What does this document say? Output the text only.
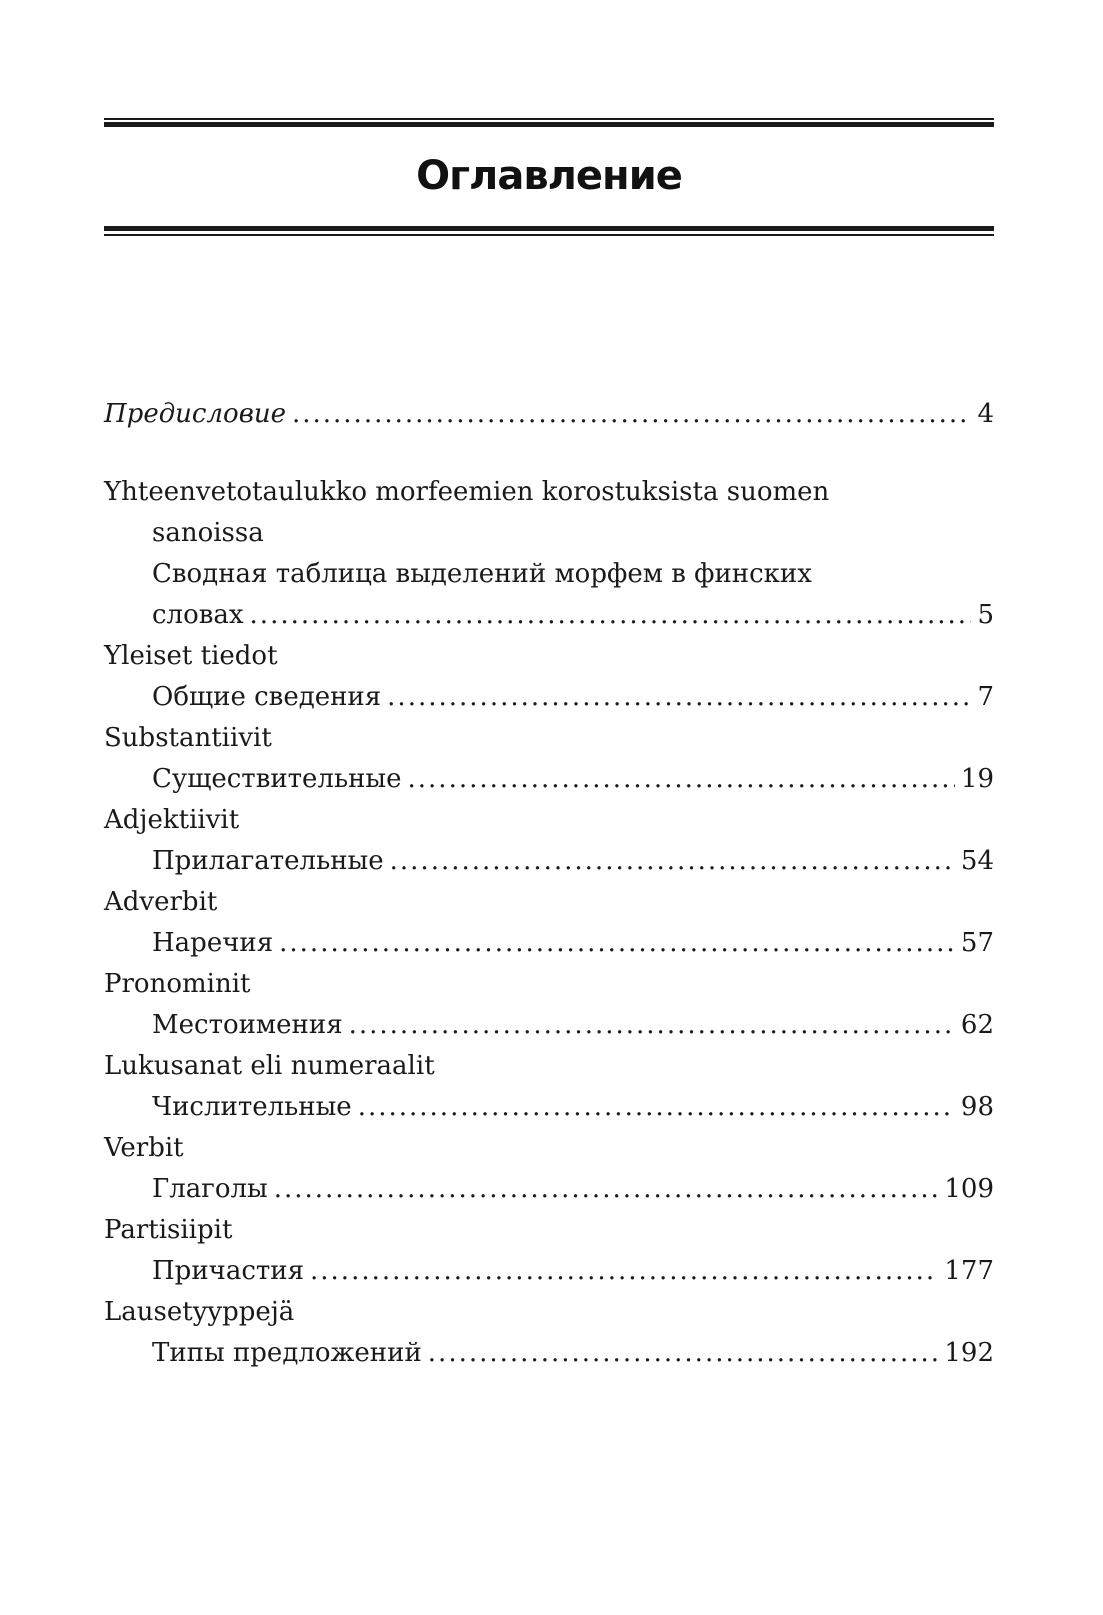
Оглавление
Предисловие .....	4
Yhteenvetotaulukko morfeemien korostuksista suomen
sanoissa
Сводная таблица выделений морфем в финских
словах .....	5
Yleiset tiedot
Общие сведения .....	7
Substantiivit
Существительные .....	19
Adjektiivit
Прилагательные .....	54
Adverbit
Наречия .....	57
Pronominit
Местоимения .....	62
Lukusanat eli numeraalit
Числительные .....	98
Verbit
Глаголы .....	109
Partisiipit
Причастия .....	177
Lausetyyppejä
Типы предложений .....	192
